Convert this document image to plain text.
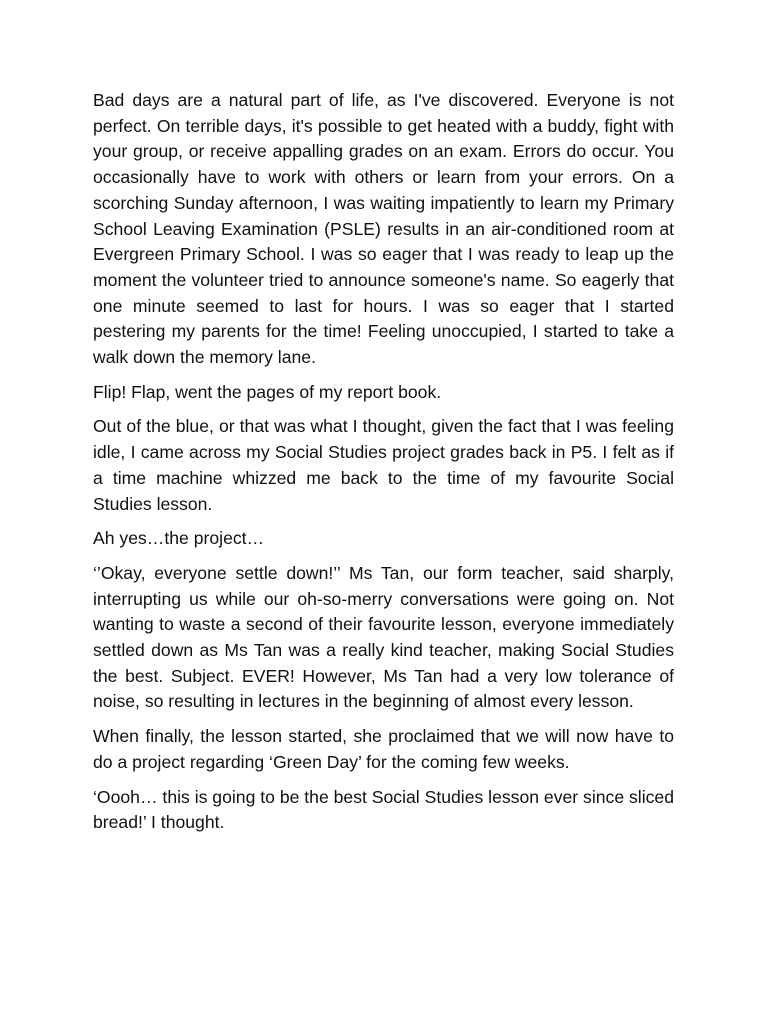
Bad days are a natural part of life, as I've discovered. Everyone is not perfect. On terrible days, it's possible to get heated with a buddy, fight with your group, or receive appalling grades on an exam. Errors do occur. You occasionally have to work with others or learn from your errors. On a scorching Sunday afternoon, I was waiting impatiently to learn my Primary School Leaving Examination (PSLE) results in an air-conditioned room at Evergreen Primary School. I was so eager that I was ready to leap up the moment the volunteer tried to announce someone's name. So eagerly that one minute seemed to last for hours. I was so eager that I started pestering my parents for the time! Feeling unoccupied, I started to take a walk down the memory lane.

Flip! Flap, went the pages of my report book.

Out of the blue, or that was what I thought, given the fact that I was feeling idle, I came across my Social Studies project grades back in P5. I felt as if a time machine whizzed me back to the time of my favourite Social Studies lesson.

Ah yes…the project…

‘’Okay, everyone settle down!’’ Ms Tan, our form teacher, said sharply, interrupting us while our oh-so-merry conversations were going on. Not wanting to waste a second of their favourite lesson, everyone immediately settled down as Ms Tan was a really kind teacher, making Social Studies the best. Subject. EVER! However, Ms Tan had a very low tolerance of noise, so resulting in lectures in the beginning of almost every lesson.

When finally, the lesson started, she proclaimed that we will now have to do a project regarding ‘Green Day’ for the coming few weeks.

‘Oooh… this is going to be the best Social Studies lesson ever since sliced bread!’ I thought.
